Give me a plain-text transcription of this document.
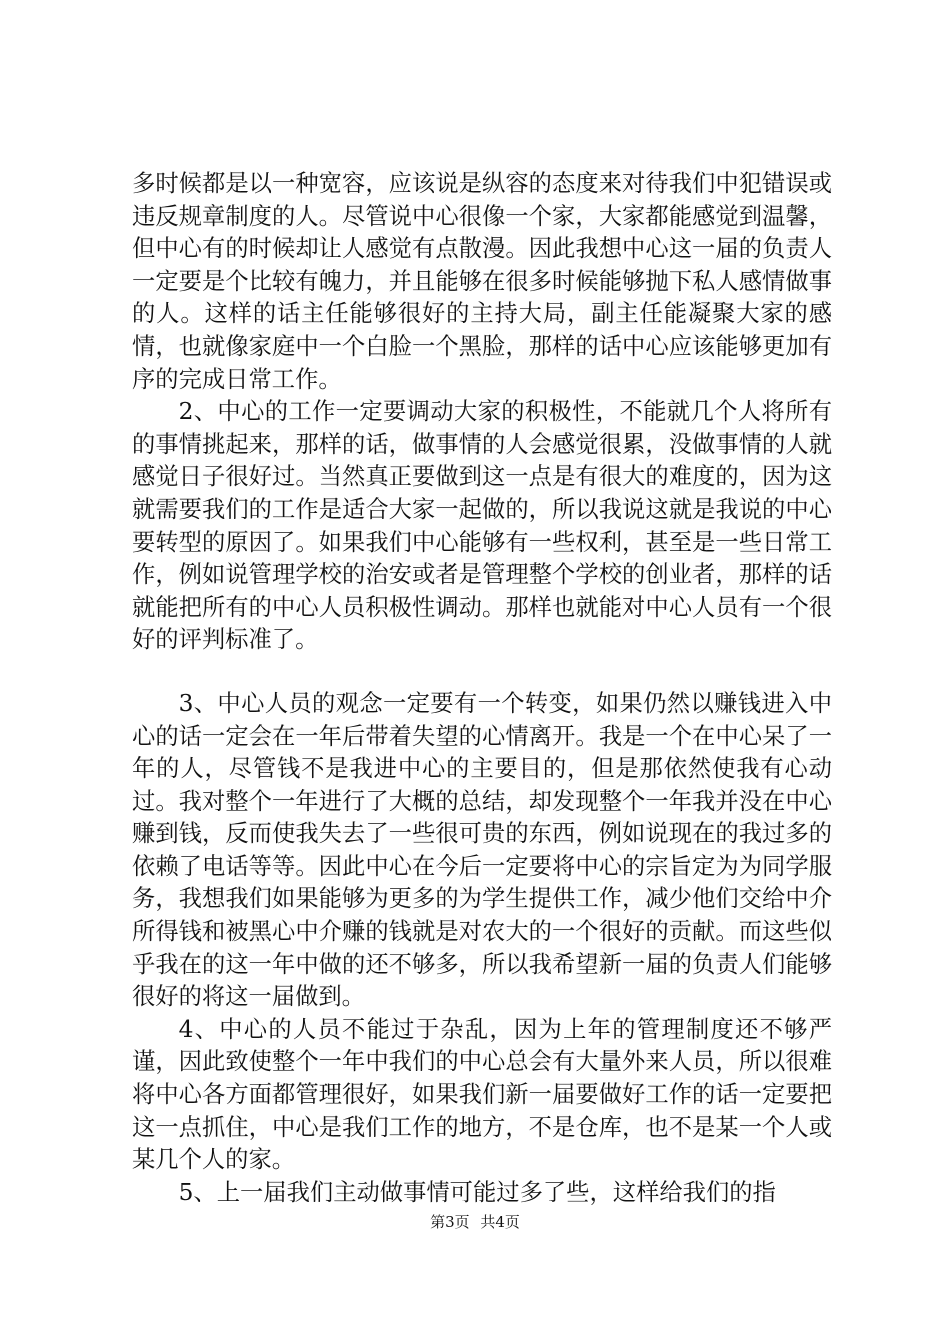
多时候都是以一种宽容，应该说是纵容的态度来对待我们中犯错误或违反规章制度的人。尽管说中心很像一个家，大家都能感觉到温馨，但中心有的时候却让人感觉有点散漫。因此我想中心这一届的负责人一定要是个比较有魄力，并且能够在很多时候能够抛下私人感情做事的人。这样的话主任能够很好的主持大局，副主任能凝聚大家的感情，也就像家庭中一个白脸一个黑脸，那样的话中心应该能够更加有序的完成日常工作。

2、中心的工作一定要调动大家的积极性，不能就几个人将所有的事情挑起来，那样的话，做事情的人会感觉很累，没做事情的人就感觉日子很好过。当然真正要做到这一点是有很大的难度的，因为这就需要我们的工作是适合大家一起做的，所以我说这就是我说的中心要转型的原因了。如果我们中心能够有一些权利，甚至是一些日常工作，例如说管理学校的治安或者是管理整个学校的创业者，那样的话就能把所有的中心人员积极性调动。那样也就能对中心人员有一个很好的评判标准了。

3、中心人员的观念一定要有一个转变，如果仍然以赚钱进入中心的话一定会在一年后带着失望的心情离开。我是一个在中心呆了一年的人，尽管钱不是我进中心的主要目的，但是那依然使我有心动过。我对整个一年进行了大概的总结，却发现整个一年我并没在中心赚到钱，反而使我失去了一些很可贵的东西，例如说现在的我过多的依赖了电话等等。因此中心在今后一定要将中心的宗旨定为为同学服务，我想我们如果能够为更多的为学生提供工作，减少他们交给中介所得钱和被黑心中介赚的钱就是对农大的一个很好的贡献。而这些似乎我在的这一年中做的还不够多，所以我希望新一届的负责人们能够很好的将这一届做到。

4、中心的人员不能过于杂乱，因为上年的管理制度还不够严谨，因此致使整个一年中我们的中心总会有大量外来人员，所以很难将中心各方面都管理很好，如果我们新一届要做好工作的话一定要把这一点抓住，中心是我们工作的地方，不是仓库，也不是某一个人或某几个人的家。

5、上一届我们主动做事情可能过多了些，这样给我们的指

第3页 共4页
